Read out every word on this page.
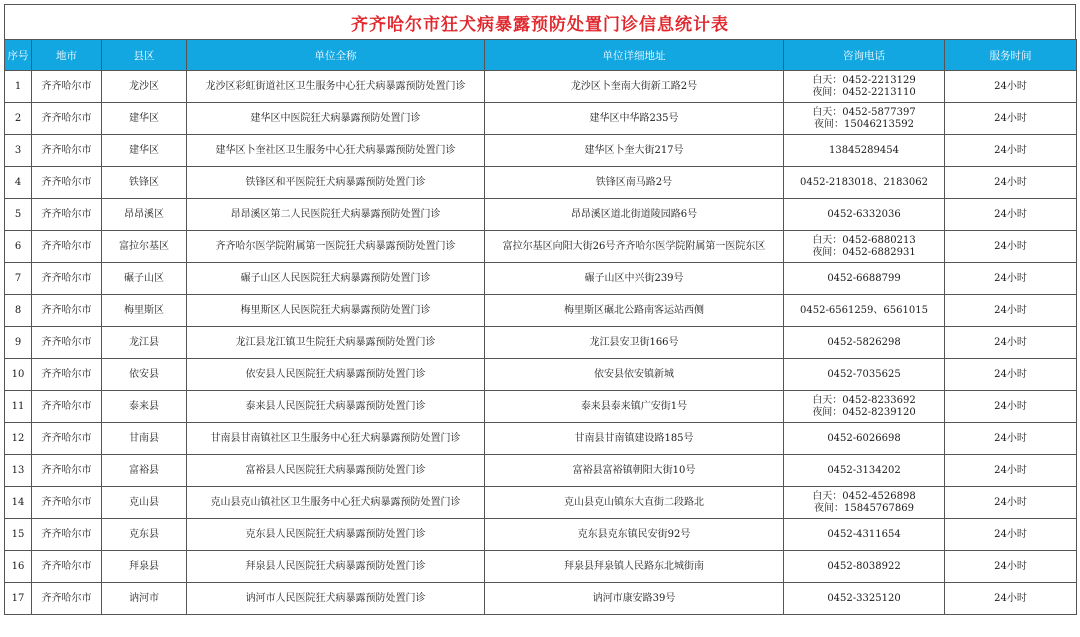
齐齐哈尔市狂犬病暴露预防处置门诊信息统计表
序号	地市	县区	单位全称	单位详细地址	咨询电话	服务时间
1	齐齐哈尔市	龙沙区	龙沙区彩虹街道社区卫生服务中心狂犬病暴露预防处置门诊	龙沙区卜奎南大街新工路2号	白天：0452-2213129
夜间：0452-2213110	24小时
2	齐齐哈尔市	建华区	建华区中医院狂犬病暴露预防处置门诊	建华区中华路235号	白天：0452-5877397
夜间：15046213592	24小时
3	齐齐哈尔市	建华区	建华区卜奎社区卫生服务中心狂犬病暴露预防处置门诊	建华区卜奎大街217号	13845289454	24小时
4	齐齐哈尔市	铁锋区	铁锋区和平医院狂犬病暴露预防处置门诊	铁锋区南马路2号	0452-2183018、2183062	24小时
5	齐齐哈尔市	昂昂溪区	昂昂溪区第二人民医院狂犬病暴露预防处置门诊	昂昂溪区道北街道陵园路6号	0452-6332036	24小时
6	齐齐哈尔市	富拉尔基区	齐齐哈尔医学院附属第一医院狂犬病暴露预防处置门诊	富拉尔基区向阳大街26号齐齐哈尔医学院附属第一医院东区	白天：0452-6880213
夜间：0452-6882931	24小时
7	齐齐哈尔市	碾子山区	碾子山区人民医院狂犬病暴露预防处置门诊	碾子山区中兴街239号	0452-6688799	24小时
8	齐齐哈尔市	梅里斯区	梅里斯区人民医院狂犬病暴露预防处置门诊	梅里斯区碾北公路南客运站西侧	0452-6561259、6561015	24小时
9	齐齐哈尔市	龙江县	龙江县龙江镇卫生院狂犬病暴露预防处置门诊	龙江县安卫街166号	0452-5826298	24小时
10	齐齐哈尔市	依安县	依安县人民医院狂犬病暴露预防处置门诊	依安县依安镇新城	0452-7035625	24小时
11	齐齐哈尔市	泰来县	泰来县人民医院狂犬病暴露预防处置门诊	泰来县泰来镇广安街1号	白天：0452-8233692
夜间：0452-8239120	24小时
12	齐齐哈尔市	甘南县	甘南县甘南镇社区卫生服务中心狂犬病暴露预防处置门诊	甘南县甘南镇建设路185号	0452-6026698	24小时
13	齐齐哈尔市	富裕县	富裕县人民医院狂犬病暴露预防处置门诊	富裕县富裕镇朝阳大街10号	0452-3134202	24小时
14	齐齐哈尔市	克山县	克山县克山镇社区卫生服务中心狂犬病暴露预防处置门诊	克山县克山镇东大直街二段路北	白天：0452-4526898
夜间：15845767869	24小时
15	齐齐哈尔市	克东县	克东县人民医院狂犬病暴露预防处置门诊	克东县克东镇民安街92号	0452-4311654	24小时
16	齐齐哈尔市	拜泉县	拜泉县人民医院狂犬病暴露预防处置门诊	拜泉县拜泉镇人民路东北城街南	0452-8038922	24小时
17	齐齐哈尔市	讷河市	讷河市人民医院狂犬病暴露预防处置门诊	讷河市康安路39号	0452-3325120	24小时
